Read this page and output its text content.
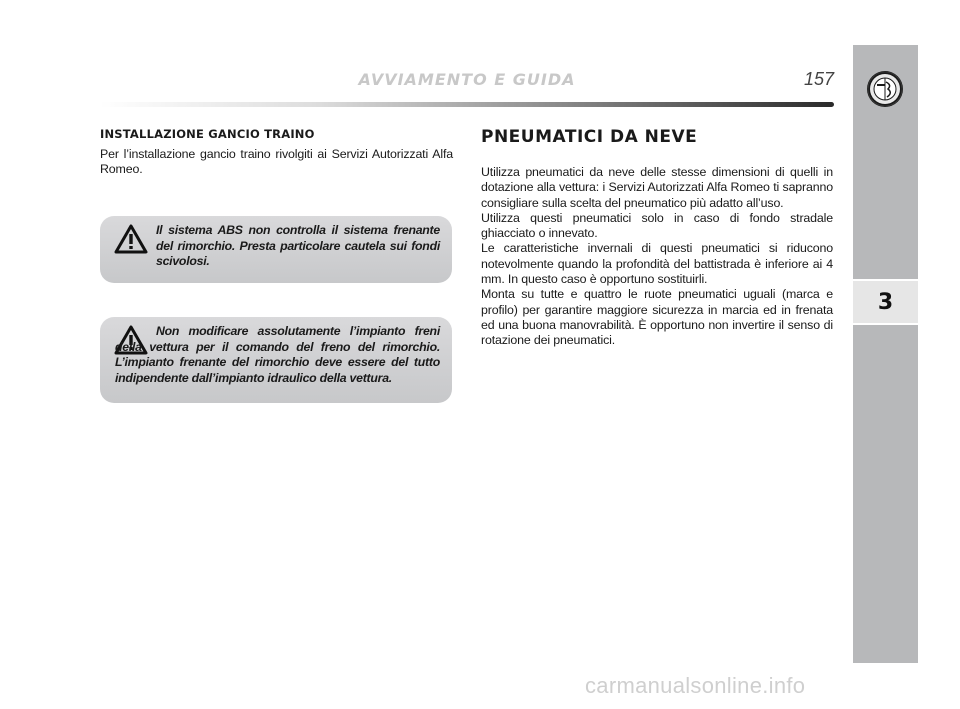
AVVIAMENTO E GUIDA	157
3
INSTALLAZIONE GANCIO TRAINO

Per l’installazione gancio traino rivolgiti ai Servizi Autorizzati Alfa Romeo.

Il sistema ABS non controlla il sistema frenante del rimorchio. Presta particolare cautela sui fondi scivolosi.

Non modificare assolutamente l’impianto freni della vettura per il comando del freno del rimorchio. L’impianto frenante del rimorchio deve essere del tutto indipendente dall’impianto idraulico della vettura.

PNEUMATICI DA NEVE

Utilizza pneumatici da neve delle stesse dimensioni di quelli in dotazione alla vettura: i Servizi Autorizzati Alfa Romeo ti sapranno consigliare sulla scelta del pneumatico più adatto all’uso.

Utilizza questi pneumatici solo in caso di fondo stradale ghiacciato o innevato.

Le caratteristiche invernali di questi pneumatici si riducono notevolmente quando la profondità del battistrada è inferiore ai 4 mm. In questo caso è opportuno sostituirli.

Monta su tutte e quattro le ruote pneumatici uguali (marca e profilo) per garantire maggiore sicurezza in marcia ed in frenata ed una buona manovrabilità. È opportuno non invertire il senso di rotazione dei pneumatici.

carmanualsonline.info
